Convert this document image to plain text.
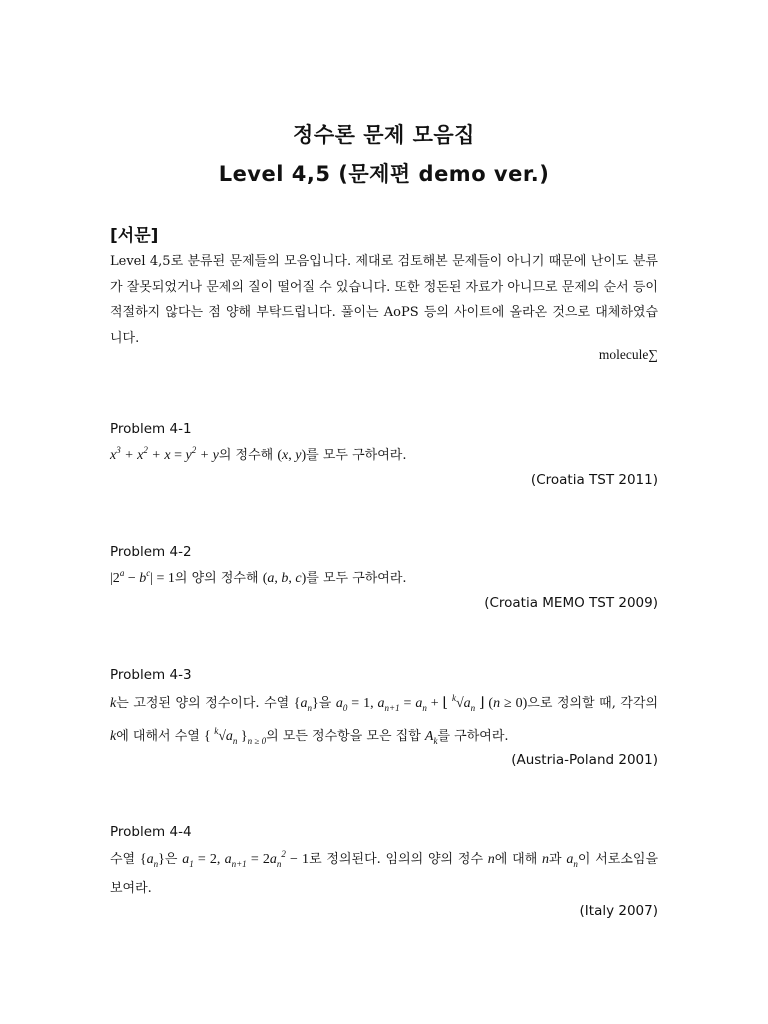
정수론 문제 모음집
Level 4,5 (문제편 demo ver.)
[서문]
Level 4,5로 분류된 문제들의 모음입니다. 제대로 검토해본 문제들이 아니기 때문에 난이도 분류가 잘못되었거나 문제의 질이 떨어질 수 있습니다. 또한 정돈된 자료가 아니므로 문제의 순서 등이 적절하지 않다는 점 양해 부탁드립니다. 풀이는 AoPS 등의 사이트에 올라온 것으로 대체하였습니다.
molecule∑
Problem 4-1
$x^3 + x^2 + x = y^2 + y$의 정수해 (x, y)를 모두 구하여라.
(Croatia TST 2011)
Problem 4-2
$|2^a - b^c| = 1$의 양의 정수해 (a, b, c)를 모두 구하여라.
(Croatia MEMO TST 2009)
Problem 4-3
k는 고정된 양의 정수이다. 수열 $\{a_n\}$을 $a_0 = 1$, $a_{n+1} = a_n$ + ⌊ $^k√a_n$ ⌋ (n ≥ 0)으로 정의할 때, 각각의 k에 대해서 수열 { $^k√a_n$ }$_{n \ge 0}$의 모든 정수항을 모은 집합 $A_k$를 구하여라.
(Austria-Poland 2001)
Problem 4-4
수열 $\{a_n\}$은 $a_1 = 2$, $a_{n+1} = 2a_n^2 - 1$로 정의된다. 임의의 양의 정수 n에 대해 n과 $a_n$이 서로소임을 보여라.
(Italy 2007)
